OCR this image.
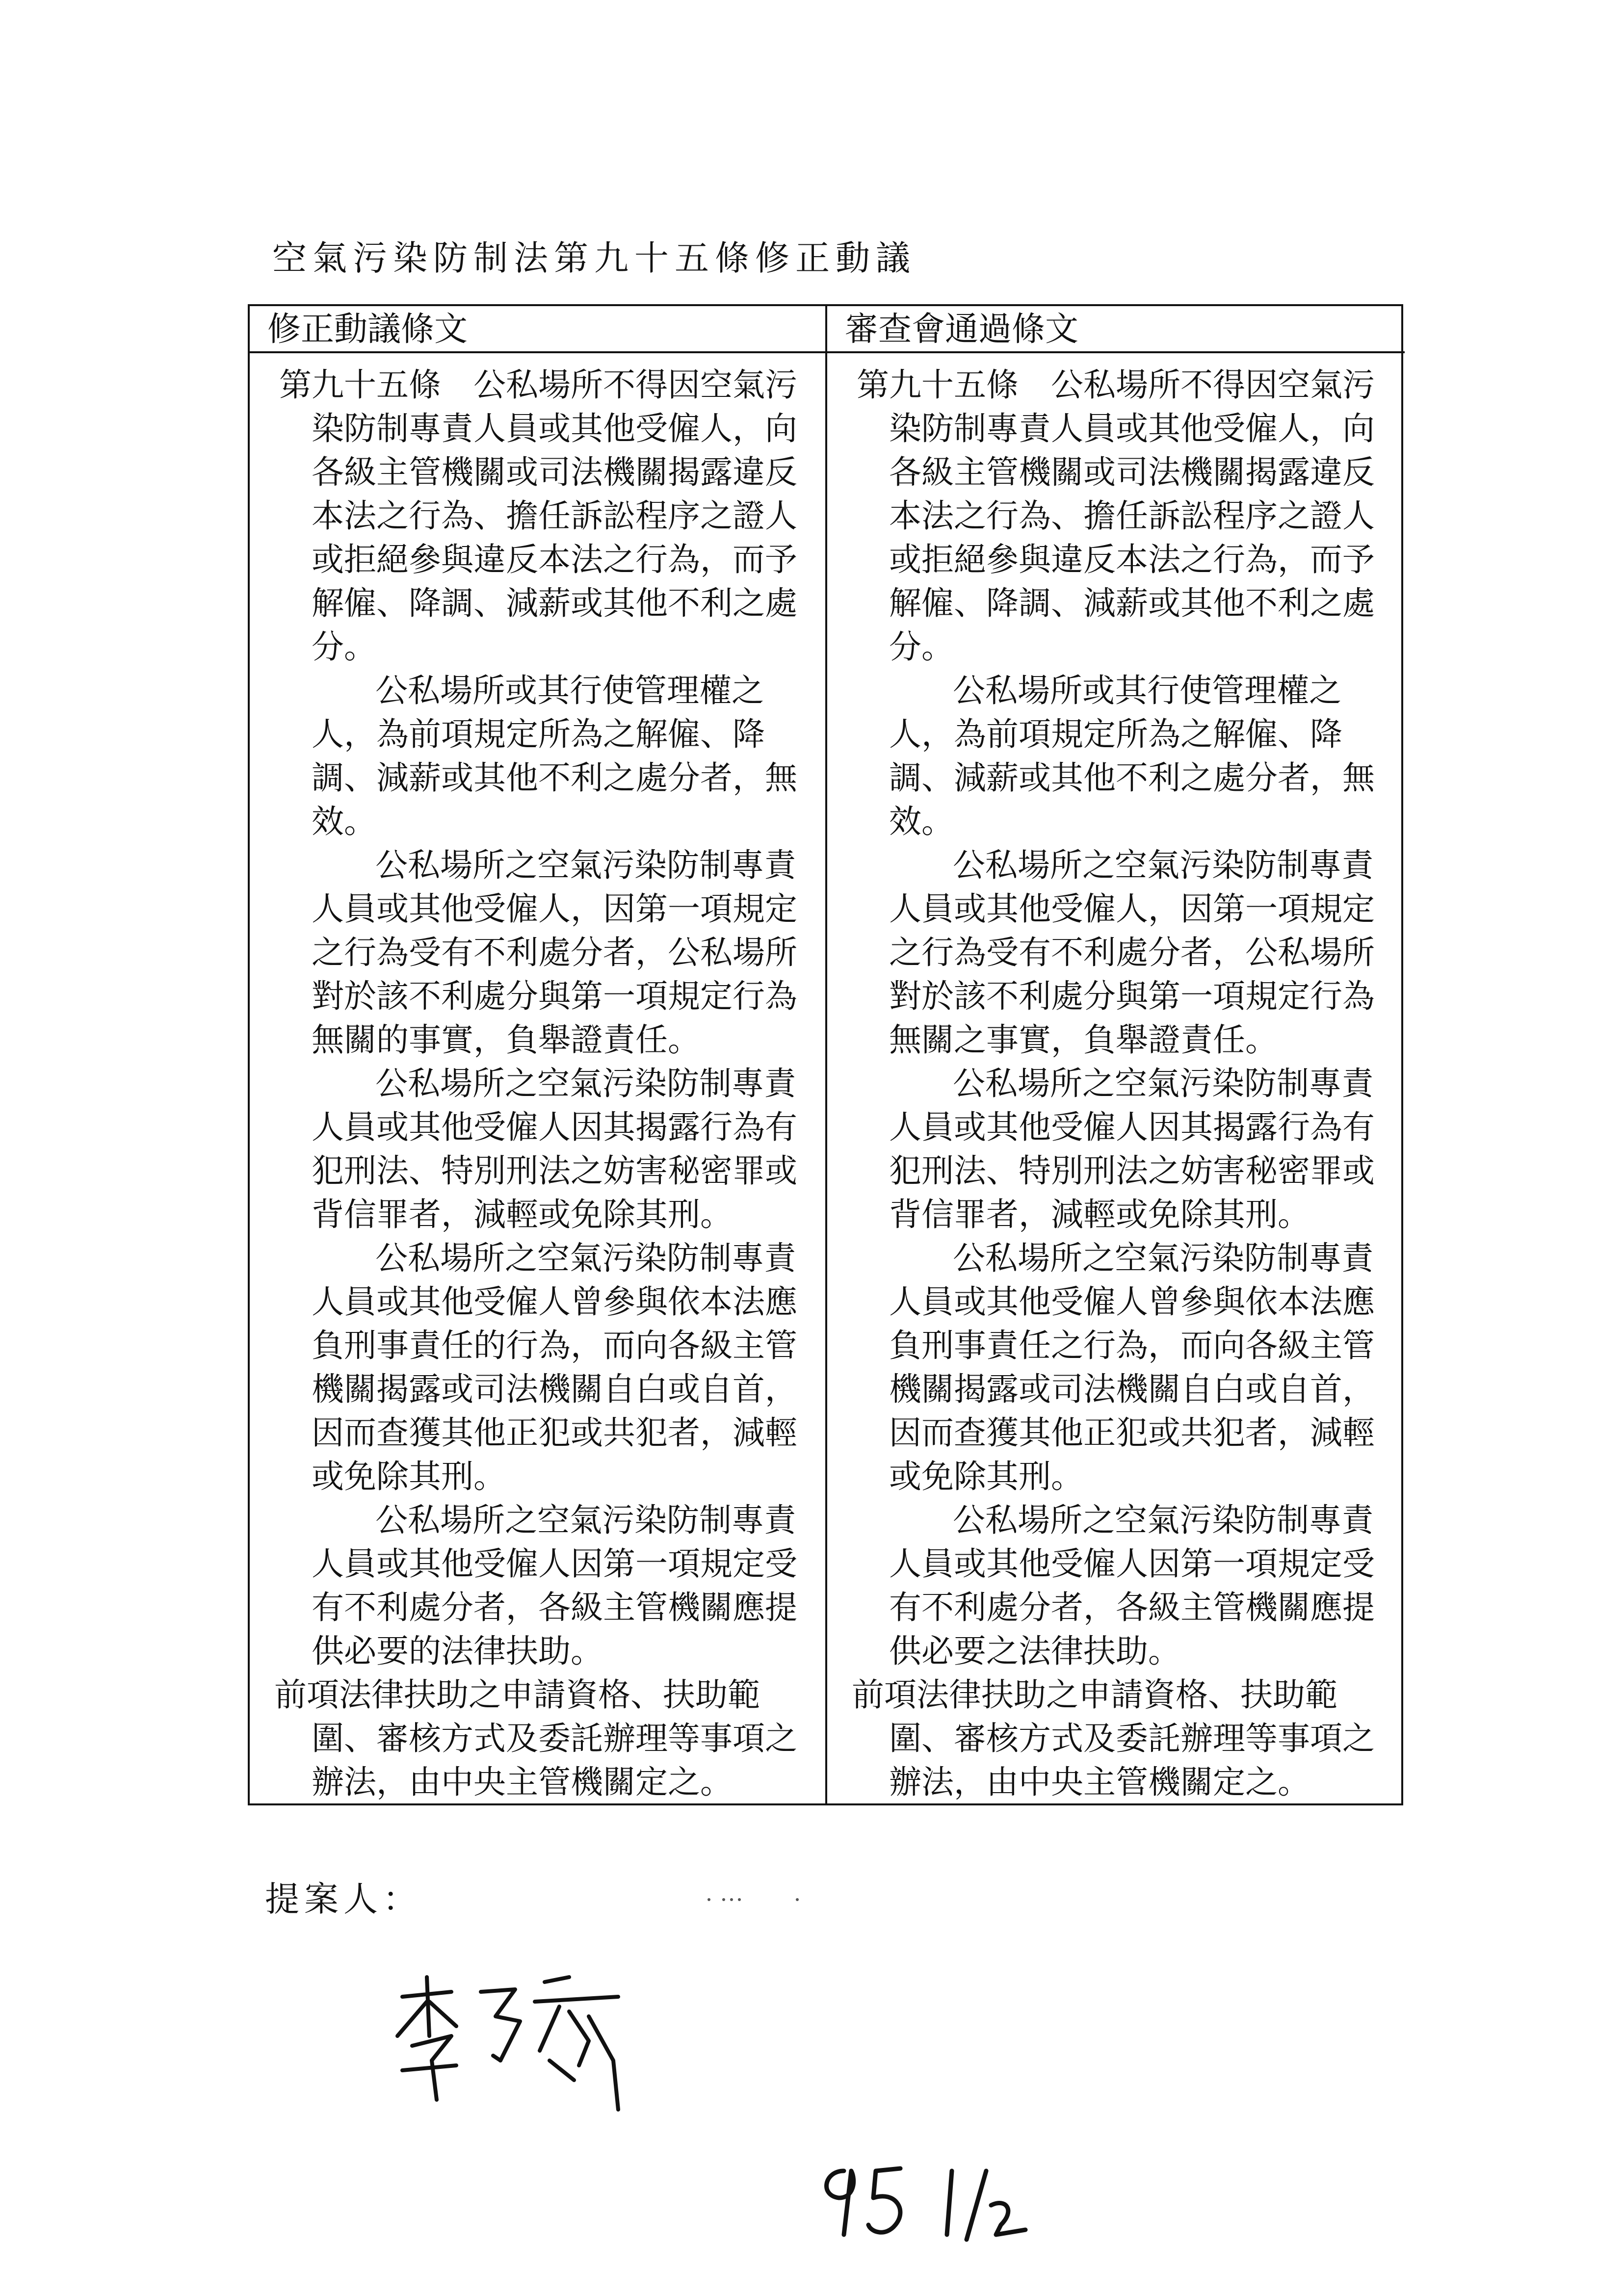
空氣污染防制法第九十五條修正動議
修正動議條文

第九十五條　公私場所不得因空氣污染防制專責人員或其他受僱人，向各級主管機關或司法機關揭露違反本法之行為、擔任訴訟程序之證人或拒絕參與違反本法之行為，而予解僱、降調、減薪或其他不利之處分。

公私場所或其行使管理權之人，為前項規定所為之解僱、降調、減薪或其他不利之處分者，無效。

公私場所之空氣污染防制專責人員或其他受僱人，因第一項規定之行為受有不利處分者，公私場所對於該不利處分與第一項規定行為無關的事實，負舉證責任。

公私場所之空氣污染防制專責人員或其他受僱人因其揭露行為有犯刑法、特別刑法之妨害秘密罪或背信罪者，減輕或免除其刑。

公私場所之空氣污染防制專責人員或其他受僱人曾參與依本法應負刑事責任的行為，而向各級主管機關揭露或司法機關自白或自首，因而查獲其他正犯或共犯者，減輕或免除其刑。

公私場所之空氣污染防制專責人員或其他受僱人因第一項規定受有不利處分者，各級主管機關應提供必要的法律扶助。

前項法律扶助之申請資格、扶助範圍、審核方式及委託辦理等事項之辦法，由中央主管機關定之。

審查會通過條文

第九十五條　公私場所不得因空氣污染防制專責人員或其他受僱人，向各級主管機關或司法機關揭露違反本法之行為、擔任訴訟程序之證人或拒絕參與違反本法之行為，而予解僱、降調、減薪或其他不利之處分。

公私場所或其行使管理權之人，為前項規定所為之解僱、降調、減薪或其他不利之處分者，無效。

公私場所之空氣污染防制專責人員或其他受僱人，因第一項規定之行為受有不利處分者，公私場所對於該不利處分與第一項規定行為無關之事實，負舉證責任。

公私場所之空氣污染防制專責人員或其他受僱人因其揭露行為有犯刑法、特別刑法之妨害秘密罪或背信罪者，減輕或免除其刑。

公私場所之空氣污染防制專責人員或其他受僱人曾參與依本法應負刑事責任之行為，而向各級主管機關揭露或司法機關自白或自首，因而查獲其他正犯或共犯者，減輕或免除其刑。

公私場所之空氣污染防制專責人員或其他受僱人因第一項規定受有不利處分者，各級主管機關應提供必要之法律扶助。

前項法律扶助之申請資格、扶助範圍、審核方式及委託辦理等事項之辦法，由中央主管機關定之。

提案人：
